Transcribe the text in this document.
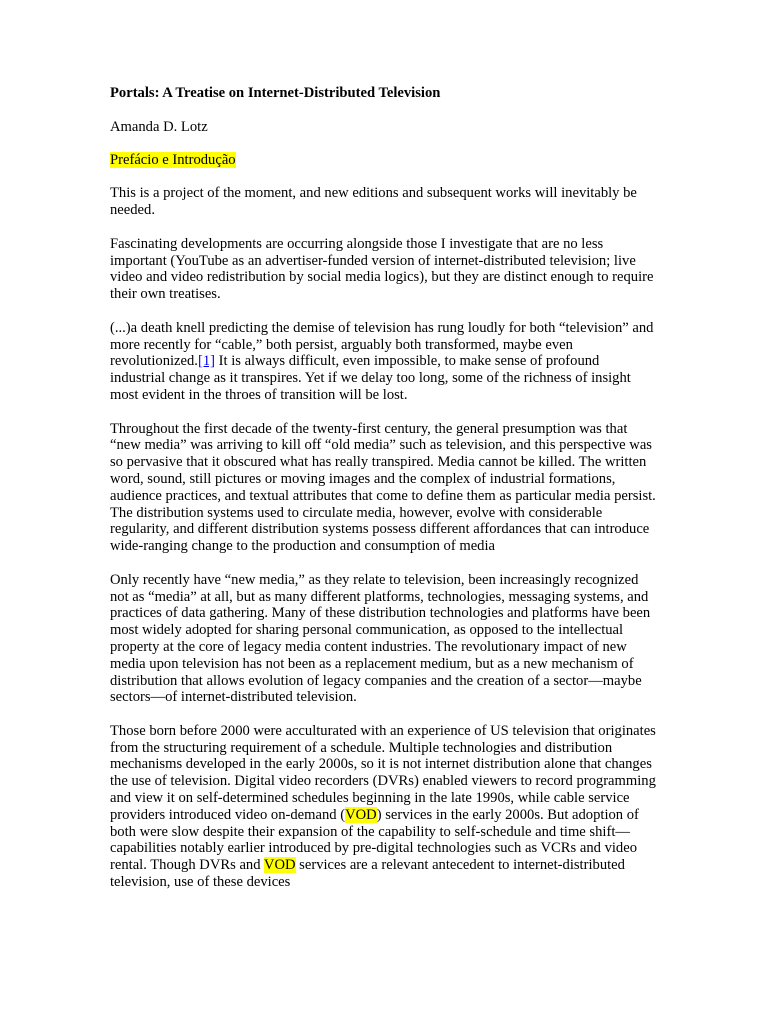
Portals: A Treatise on Internet-Distributed Television
Amanda D. Lotz
Prefácio e Introdução

This is a project of the moment, and new editions and subsequent works will inevitably be needed.

Fascinating developments are occurring alongside those I investigate that are no less important (YouTube as an advertiser-funded version of internet-distributed television; live video and video redistribution by social media logics), but they are distinct enough to require their own treatises.

(...)a death knell predicting the demise of television has rung loudly for both “television” and more recently for “cable,” both persist, arguably both transformed, maybe even revolutionized.[1] It is always difficult, even impossible, to make sense of profound industrial change as it transpires. Yet if we delay too long, some of the richness of insight most evident in the throes of transition will be lost.

Throughout the first decade of the twenty-first century, the general presumption was that “new media” was arriving to kill off “old media” such as television, and this perspective was so pervasive that it obscured what has really transpired. Media cannot be killed. The written word, sound, still pictures or moving images and the complex of industrial formations, audience practices, and textual attributes that come to define them as particular media persist. The distribution systems used to circulate media, however, evolve with considerable regularity, and different distribution systems possess different affordances that can introduce wide-ranging change to the production and consumption of media

Only recently have “new media,” as they relate to television, been increasingly recognized not as “media” at all, but as many different platforms, technologies, messaging systems, and practices of data gathering. Many of these distribution technologies and platforms have been most widely adopted for sharing personal communication, as opposed to the intellectual property at the core of legacy media content industries. The revolutionary impact of new media upon television has not been as a replacement medium, but as a new mechanism of distribution that allows evolution of legacy companies and the creation of a sector—maybe sectors—of internet-distributed television.

Those born before 2000 were acculturated with an experience of US television that originates from the structuring requirement of a schedule. Multiple technologies and distribution mechanisms developed in the early 2000s, so it is not internet distribution alone that changes the use of television. Digital video recorders (DVRs) enabled viewers to record programming and view it on self-determined schedules beginning in the late 1990s, while cable service providers introduced video on-demand (VOD) services in the early 2000s. But adoption of both were slow despite their expansion of the capability to self-schedule and time shift—capabilities notably earlier introduced by pre-digital technologies such as VCRs and video rental. Though DVRs and VOD services are a relevant antecedent to internet-distributed television, use of these devices
